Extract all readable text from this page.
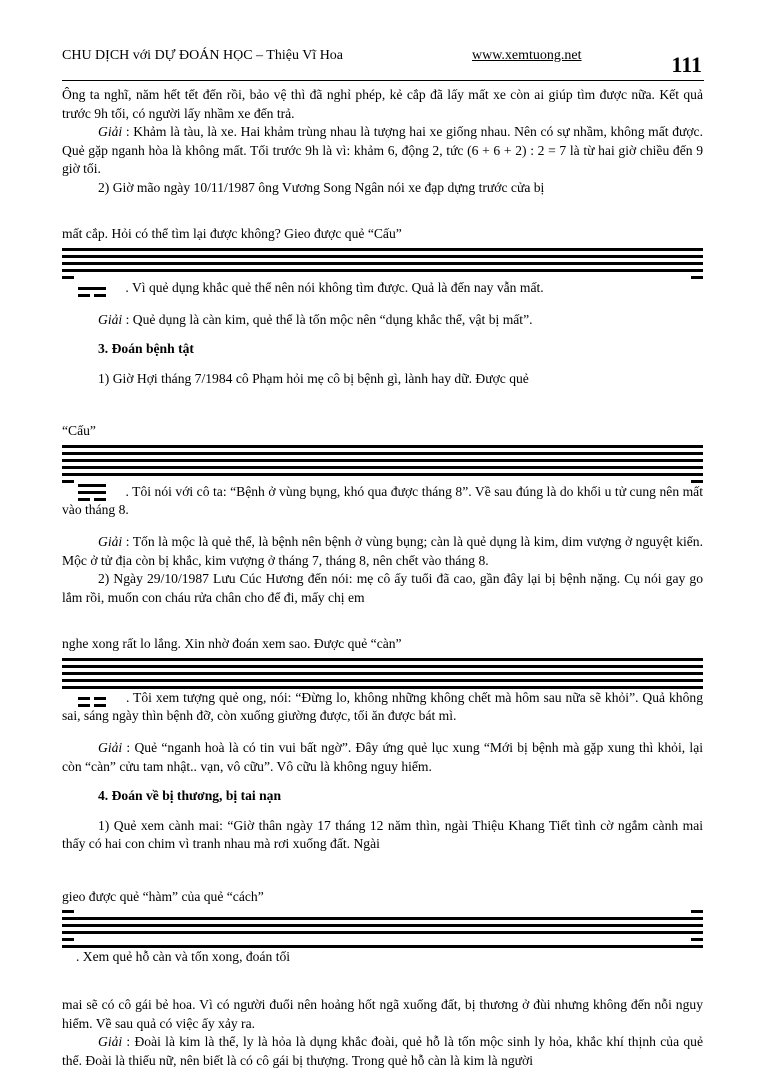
CHU DỊCH với DỰ ĐOÁN HỌC – Thiệu Vĩ Hoa	www.xemtuong.net	111

Ông ta nghĩ, năm hết tết đến rồi, bảo vệ thì đã nghỉ phép, kẻ cắp đã lấy mất xe còn ai giúp tìm được nữa. Kết quả trước 9h tối, có người lấy nhầm xe đến trả.

Giải : Khảm là tàu, là xe. Hai khảm trùng nhau là tượng hai xe giống nhau. Nên có sự nhầm, không mất được. Quẻ gặp nganh hòa là không mất. Tối trước 9h là vì: khảm 6, động 2, tức (6 + 6 + 2) : 2 = 7 là từ hai giờ chiều đến 9 giờ tối.

2) Giờ mão ngày 10/11/1987 ông Vương Song Ngân nói xe đạp dựng trước cửa bị

mất cắp. Hỏi có thể tìm lại được không? Gieo được quẻ “Cấu”

. Vì quẻ dụng khắc quẻ thể nên nói không tìm được. Quả là đến nay vẫn mất.

Giải : Quẻ dụng là càn kim, quẻ thể là tốn mộc nên “dụng khắc thể, vật bị mất”.

3. Đoán bệnh tật

1) Giờ Hợi tháng 7/1984 cô Phạm hỏi mẹ cô bị bệnh gì, lành hay dữ. Được quẻ

“Cấu”

. Tôi nói với cô ta: “Bệnh ở vùng bụng, khó qua được tháng 8”. Về sau đúng là do khối u tử cung nên mất vào tháng 8.

Giải : Tốn là mộc là quẻ thể, là bệnh nên bệnh ở vùng bụng; càn là quẻ dụng là kim, dim vượng ở nguyệt kiến. Mộc ở tử địa còn bị khắc, kim vượng ở tháng 7, tháng 8, nên chết vào tháng 8.

2) Ngày 29/10/1987 Lưu Cúc Hương đến nói: mẹ cô ấy tuổi đã cao, gần đây lại bị bệnh nặng. Cụ nói gay go lắm rồi, muốn con cháu rửa chân cho để đi, mấy chị em

nghe xong rất lo lắng. Xin nhờ đoán xem sao. Được quẻ “càn”

. Tôi xem tượng quẻ ong, nói: “Đừng lo, không những không chết mà hôm sau nữa sẽ khỏi”. Quả không sai, sáng ngày thìn bệnh đỡ, còn xuống giường được, tối ăn được bát mì.

Giải : Quẻ “nganh hoà là có tin vui bất ngờ”. Đây ứng quẻ lục xung “Mới bị bệnh mà gặp xung thì khỏi, lại còn “càn” cửu tam nhật.. vạn, vô cữu”. Vô cữu là không nguy hiểm.

4. Đoán về bị thương, bị tai nạn

1) Quẻ xem cành mai: “Giờ thân ngày 17 tháng 12 năm thìn, ngài Thiệu Khang Tiết tình cờ ngắm cành mai thấy có hai con chim vì tranh nhau mà rơi xuống đất. Ngài

gieo được quẻ “hàm” của quẻ “cách”

. Xem quẻ hỗ càn và tốn xong, đoán tối

mai sẽ có cô gái bẻ hoa. Vì có người đuổi nên hoảng hốt ngã xuống đất, bị thương ở đùi nhưng không đến nỗi nguy hiểm. Về sau quả có việc ấy xảy ra.

Giải : Đoài là kim là thể, ly là hỏa là dụng khắc đoài, quẻ hỗ là tốn mộc sinh ly hỏa, khắc khí thịnh của quẻ thể. Đoài là thiếu nữ, nên biết là có cô gái bị thượng. Trong quẻ hỗ càn là kim là người
